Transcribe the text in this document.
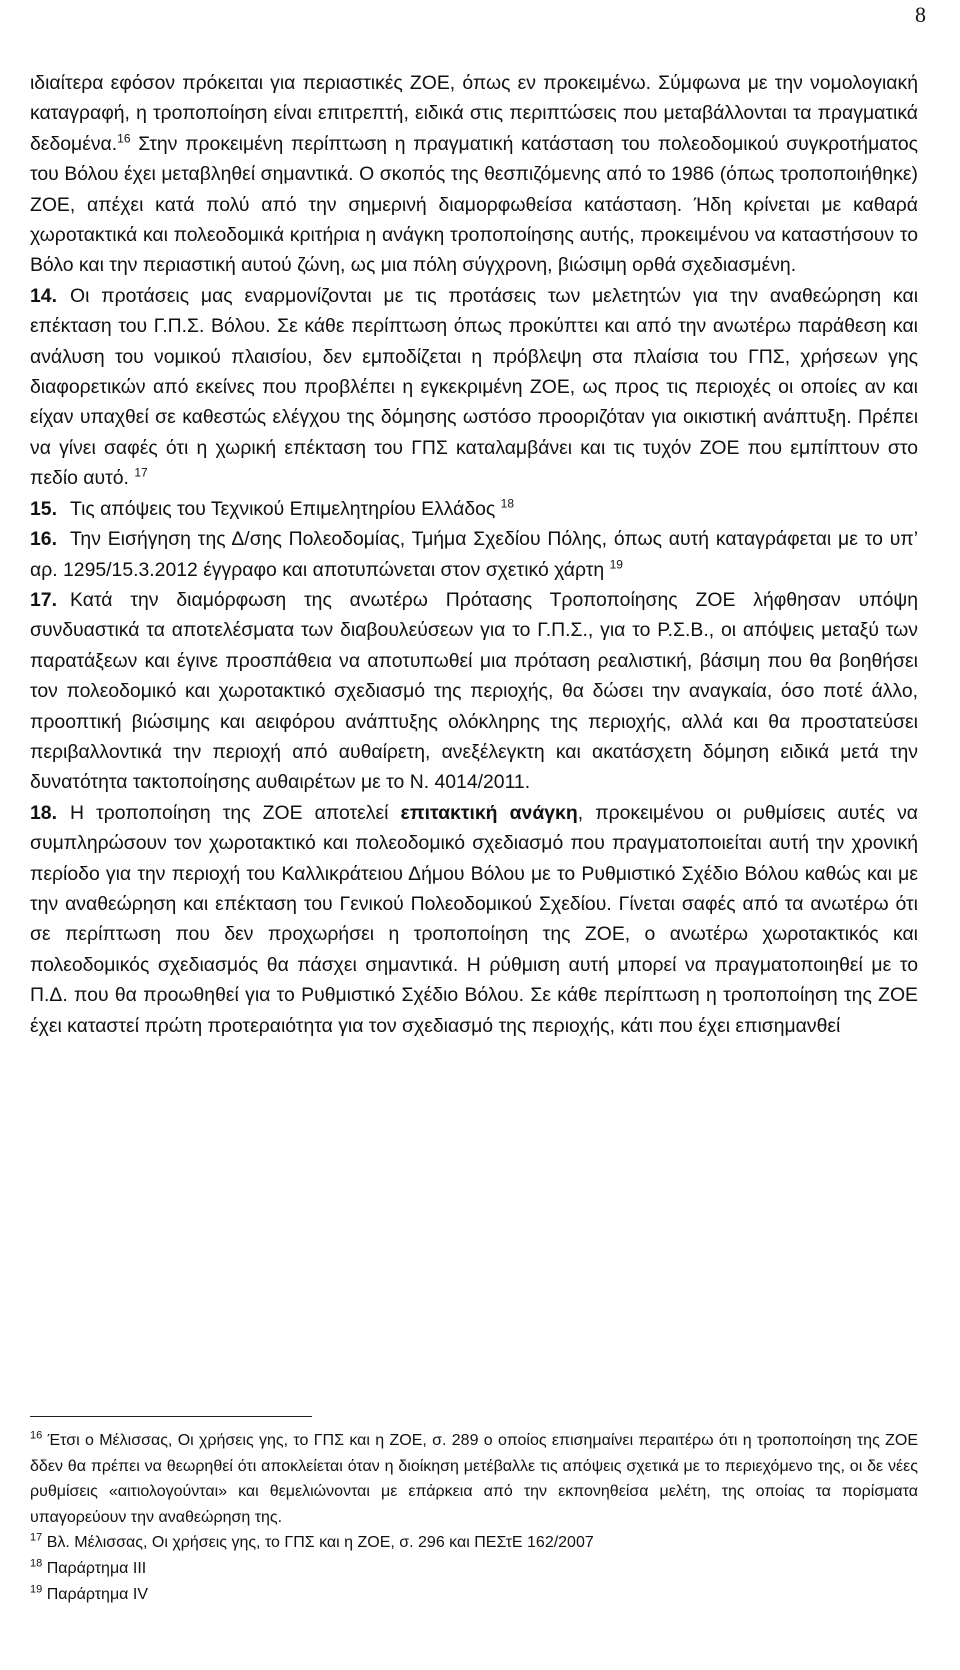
8

ιδιαίτερα εφόσον πρόκειται για περιαστικές ΖΟΕ, όπως εν προκειμένω. Σύμφωνα με την νομολογιακή καταγραφή, η τροποποίηση είναι επιτρεπτή, ειδικά στις περιπτώσεις που μεταβάλλονται τα πραγματικά δεδομένα.$^{16}$ Στην προκειμένη περίπτωση η πραγματική κατάσταση του πολεοδομικού συγκροτήματος του Βόλου έχει μεταβληθεί σημαντικά. Ο σκοπός της θεσπιζόμενης από το 1986 (όπως τροποποιήθηκε) ΖΟΕ, απέχει κατά πολύ από την σημερινή διαμορφωθείσα κατάσταση. Ήδη κρίνεται με καθαρά χωροτακτικά και πολεοδομικά κριτήρια η ανάγκη τροποποίησης αυτής, προκειμένου να καταστήσουν το Βόλο και την περιαστική αυτού ζώνη, ως μια πόλη σύγχρονη, βιώσιμη ορθά σχεδιασμένη.

14. Οι προτάσεις μας εναρμονίζονται με τις προτάσεις των μελετητών για την αναθεώρηση και επέκταση του Γ.Π.Σ. Βόλου. Σε κάθε περίπτωση όπως προκύπτει και από την ανωτέρω παράθεση και ανάλυση του νομικού πλαισίου, δεν εμποδίζεται η πρόβλεψη στα πλαίσια του ΓΠΣ, χρήσεων γης διαφορετικών από εκείνες που προβλέπει η εγκεκριμένη ΖΟΕ, ως προς τις περιοχές οι οποίες αν και είχαν υπαχθεί σε καθεστώς ελέγχου της δόμησης ωστόσο προοριζόταν για οικιστική ανάπτυξη. Πρέπει να γίνει σαφές ότι η χωρική επέκταση του ΓΠΣ καταλαμβάνει και τις τυχόν ΖΟΕ που εμπίπτουν στο πεδίο αυτό. $^{17}$

15. Τις απόψεις του Τεχνικού Επιμελητηρίου Ελλάδος $^{18}$

16. Την Εισήγηση της Δ/σης Πολεοδομίας, Τμήμα Σχεδίου Πόλης, όπως αυτή καταγράφεται με το υπ’ αρ. 1295/15.3.2012 έγγραφο και αποτυπώνεται στον σχετικό χάρτη $^{19}$

17. Κατά την διαμόρφωση της ανωτέρω Πρότασης Τροποποίησης ΖΟΕ λήφθησαν υπόψη συνδυαστικά τα αποτελέσματα των διαβουλεύσεων για το Γ.Π.Σ., για το Ρ.Σ.Β., οι απόψεις μεταξύ των παρατάξεων και έγινε προσπάθεια να αποτυπωθεί μια πρόταση ρεαλιστική, βάσιμη που θα βοηθήσει τον πολεοδομικό και χωροτακτικό σχεδιασμό της περιοχής, θα δώσει την αναγκαία, όσο ποτέ άλλο, προοπτική βιώσιμης και αειφόρου ανάπτυξης ολόκληρης της περιοχής, αλλά και θα προστατεύσει περιβαλλοντικά την περιοχή από αυθαίρετη, ανεξέλεγκτη και ακατάσχετη δόμηση ειδικά μετά την δυνατότητα τακτοποίησης αυθαιρέτων με το Ν. 4014/2011.

18. Η τροποποίηση της ΖΟΕ αποτελεί επιτακτική ανάγκη, προκειμένου οι ρυθμίσεις αυτές να συμπληρώσουν τον χωροτακτικό και πολεοδομικό σχεδιασμό που πραγματοποιείται αυτή την χρονική περίοδο για την περιοχή του Καλλικράτειου Δήμου Βόλου με το Ρυθμιστικό Σχέδιο Βόλου καθώς και με την αναθεώρηση και επέκταση του Γενικού Πολεοδομικού Σχεδίου. Γίνεται σαφές από τα ανωτέρω ότι σε περίπτωση που δεν προχωρήσει η τροποποίηση της ΖΟΕ, ο ανωτέρω χωροτακτικός και πολεοδομικός σχεδιασμός θα πάσχει σημαντικά. Η ρύθμιση αυτή μπορεί να πραγματοποιηθεί με το Π.Δ. που θα προωθηθεί για το Ρυθμιστικό Σχέδιο Βόλου. Σε κάθε περίπτωση η τροποποίηση της ΖΟΕ έχει καταστεί πρώτη προτεραιότητα για τον σχεδιασμό της περιοχής, κάτι που έχει επισημανθεί

$^{16}$ Έτσι ο Μέλισσας, Οι χρήσεις γης, το ΓΠΣ και η ΖΟΕ, σ. 289 ο οποίος επισημαίνει περαιτέρω ότι η τροποποίηση της ΖΟΕ δδεν θα πρέπει να θεωρηθεί ότι αποκλείεται όταν η διοίκηση μετέβαλλε τις απόψεις σχετικά με το περιεχόμενο της, οι δε νέες ρυθμίσεις «αιτιολογούνται» και θεμελιώνονται με επάρκεια από την εκπονηθείσα μελέτη, της οποίας τα πορίσματα υπαγορεύουν την αναθεώρηση της.

$^{17}$ Βλ. Μέλισσας, Οι χρήσεις γης, το ΓΠΣ και η ΖΟΕ, σ. 296 και ΠΕΣτΕ 162/2007

$^{18}$ Παράρτημα ΙΙΙ

$^{19}$ Παράρτημα ΙV
